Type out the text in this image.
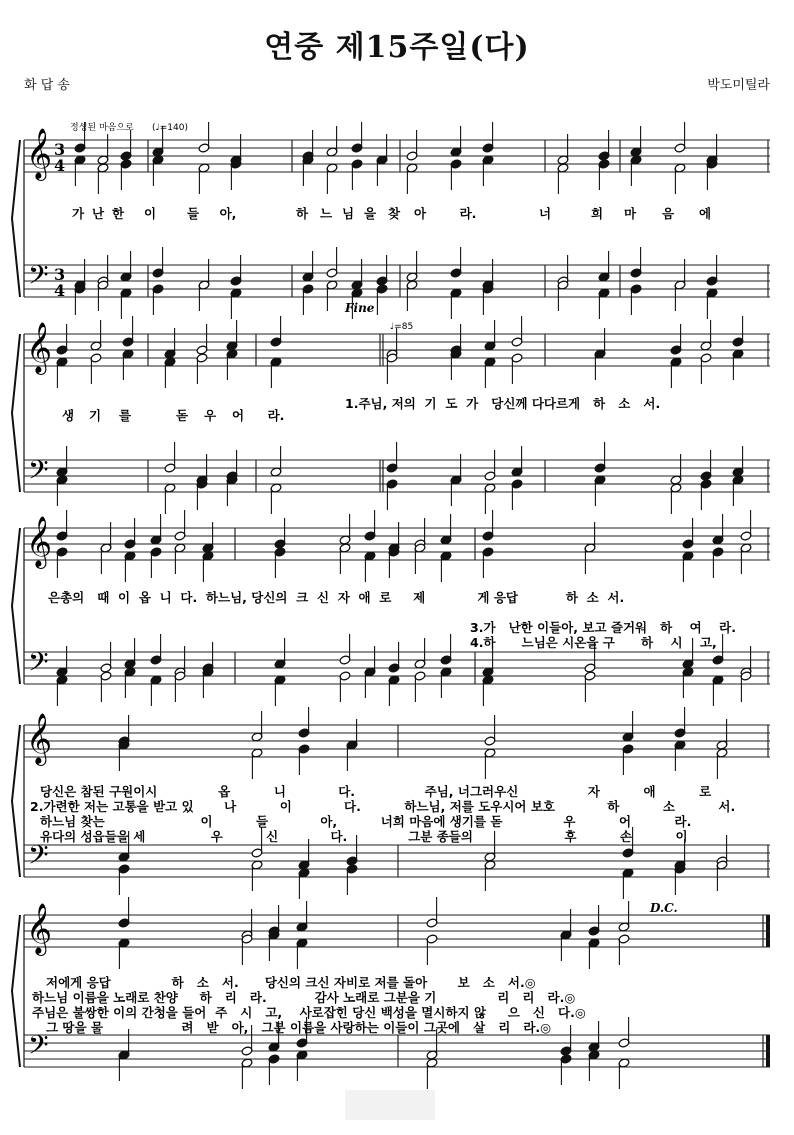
연중 제15주일(다)
화 답 송	박도미틸라
𝄞
𝄢
3
4
3
4
𝄞
𝄢
𝄞
𝄢
𝄞
𝄢
𝄞
𝄢
정성된 마음으로 (♩=140)
♩=85
Fine
D.C.
가 난 한 이 들 아,	하 느 님 을 찾 아	라.	너	희 마 음 에
생 기 를	돋 우 어 라.
1.주님, 저의  기  도  가   당신께 다다르게   하   소   서.
은총의   때  이  옵  니  다.  하느님, 당신의  크  신  자  애  로     제            게 응답           하  소  서.
3.가   난한 이들아, 보고 즐거워   하    여    라.
4.하      느님은 시온을 구      하    시    고,
당신은 참된 구원이시              옵          니            다.                주님, 너그러우신                자          애          로
2.가련한 저는 고통을 받고 있       나          이            다.          하느님, 저를 도우시어 보호            하          소          서.
하느님 찾는                      이          들            아,          너희 마음에 생기를 돋              우          어          라.
유다의 성읍들을 세               우          신            다.              그분 종들의                     후          손          이
저에게 응답              하   소   서.      당신의 크신 자비로 저를 돌아       보   소   서.◎
하느님 이름을 노래로 찬양     하   리   라.           감사 노래로 그분을 기              리   리   라.◎
주님은 불쌍한 이의 간청을 들어  주   시   고,    사로잡힌 당신 백성을 멸시하지 않     으   신   다.◎
그 땅을 물                  려   받   아,   그분 이름을 사랑하는 이들이 그곳에   살   리   라.◎
